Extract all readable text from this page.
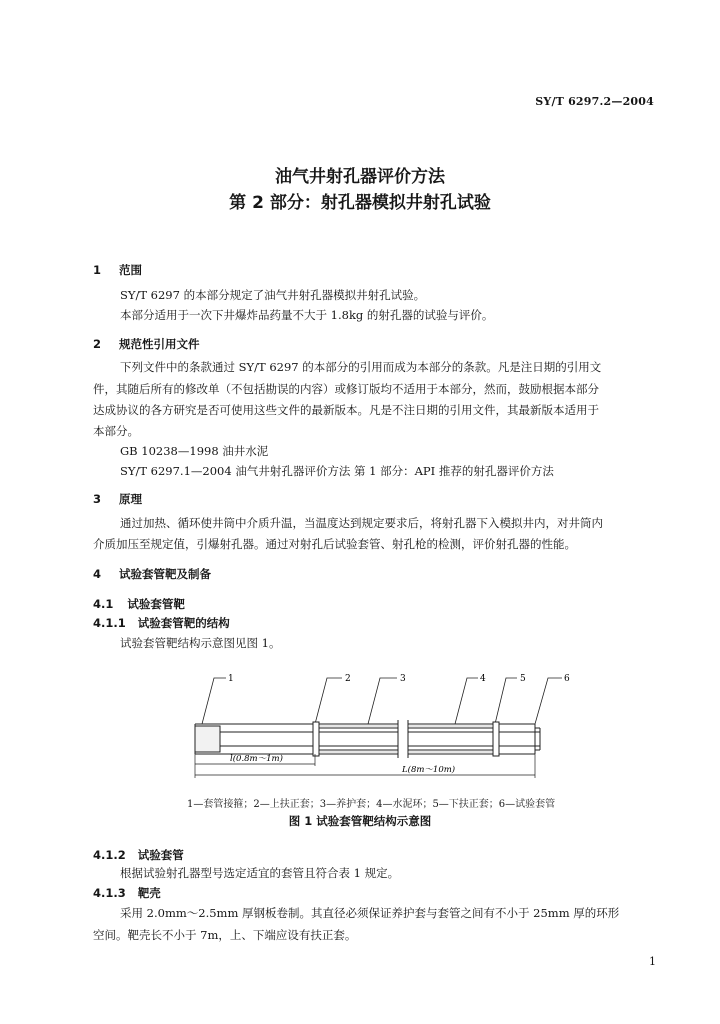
SY/T 6297.2—2004
油气井射孔器评价方法
第 2 部分：射孔器模拟井射孔试验
1 范围
SY/T 6297 的本部分规定了油气井射孔器模拟井射孔试验。
本部分适用于一次下井爆炸品药量不大于 1.8kg 的射孔器的试验与评价。
2 规范性引用文件
下列文件中的条款通过 SY/T 6297 的本部分的引用而成为本部分的条款。凡是注日期的引用文
件，其随后所有的修改单（不包括勘误的内容）或修订版均不适用于本部分，然而，鼓励根据本部分
达成协议的各方研究是否可使用这些文件的最新版本。凡是不注日期的引用文件，其最新版本适用于
本部分。
GB 10238—1998 油井水泥
SY/T 6297.1—2004 油气井射孔器评价方法 第 1 部分：API 推荐的射孔器评价方法
3 原理
通过加热、循环使井筒中介质升温，当温度达到规定要求后，将射孔器下入模拟井内，对井筒内
介质加压至规定值，引爆射孔器。通过对射孔后试验套管、射孔枪的检测，评价射孔器的性能。
4 试验套管靶及制备
4.1 试验套管靶
4.1.1 试验套管靶的结构
试验套管靶结构示意图见图 1。
1	2	3	4	5	6
l(0.8m～1m)
L(8m～10m)
1—套管接箍；2—上扶正套；3—养护套；4—水泥环；5—下扶正套；6—试验套管
图 1 试验套管靶结构示意图
4.1.2 试验套管
根据试验射孔器型号选定适宜的套管且符合表 1 规定。
4.1.3 靶壳
采用 2.0mm～2.5mm 厚钢板卷制。其直径必须保证养护套与套管之间有不小于 25mm 厚的环形
空间。靶壳长不小于 7m，上、下端应设有扶正套。
1
